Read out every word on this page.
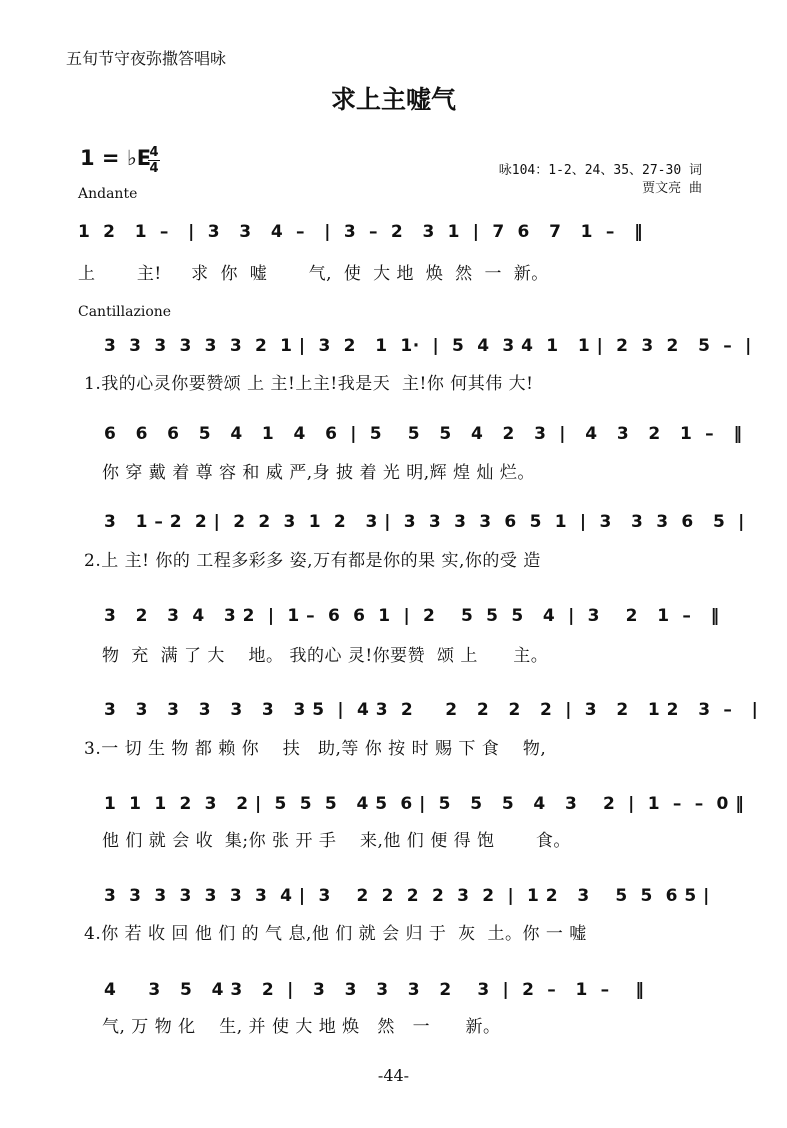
五旬节守夜弥撒答唱咏
求上主嘘气
1 = ♭E
4
4
Andante
咏104：1-2、24、35、27-30 词
贾文亮 曲
1  2   1  –   |  3   3   4  –   |  3  –  2   3  1  |  7  6   7   1  –   ‖
上       主!     求  你  嘘       气,  使  大 地  焕  然  一  新。
Cantillazione
3  3  3  3  3  3  2  1 |  3  2   1  1·  |  5  4  3 4  1   1 |  2  3  2   5  –  |
1.我的心灵你要赞颂 上 主!上主!我是天  主!你 何其伟 大!
6   6   6   5   4   1   4   6  |  5    5   5   4   2   3  |   4   3   2   1  –   ‖
你 穿 戴 着 尊 容 和 威 严,身 披 着 光 明,辉 煌 灿 烂。
3   1 – 2  2 |  2  2  3  1  2   3 |  3  3  3  3  6  5  1  |  3   3  3  6   5  |
2.上 主! 你的 工程多彩多 姿,万有都是你的果 实,你的受 造
3   2   3  4   3 2  |  1 –  6  6  1  |  2    5  5  5   4  |  3    2   1  –   ‖
物  充  满 了 大    地。 我的心 灵!你要赞  颂 上      主。
3   3   3   3   3   3   3 5  |  4 3  2     2   2   2   2  |  3   2   1 2   3  –   |
3.一 切 生 物 都 赖 你    扶   助,等 你 按 时 赐 下 食    物,
1  1  1  2  3   2 |  5  5  5   4 5  6 |  5   5   5   4   3    2  |  1  –  –  0 ‖
他 们 就 会 收  集;你 张 开 手    来,他 们 便 得 饱       食。
3  3  3  3  3  3  3  4 |  3    2  2  2  2  3  2  |  1 2   3    5  5  6 5 |
4.你 若 收 回 他 们 的 气 息,他 们 就 会 归 于  灰  土。你 一 嘘
4     3   5   4 3   2  |   3   3   3   3   2    3  |  2  –   1  –    ‖
气, 万 物 化    生, 并 使 大 地 焕   然   一      新。
-44-
